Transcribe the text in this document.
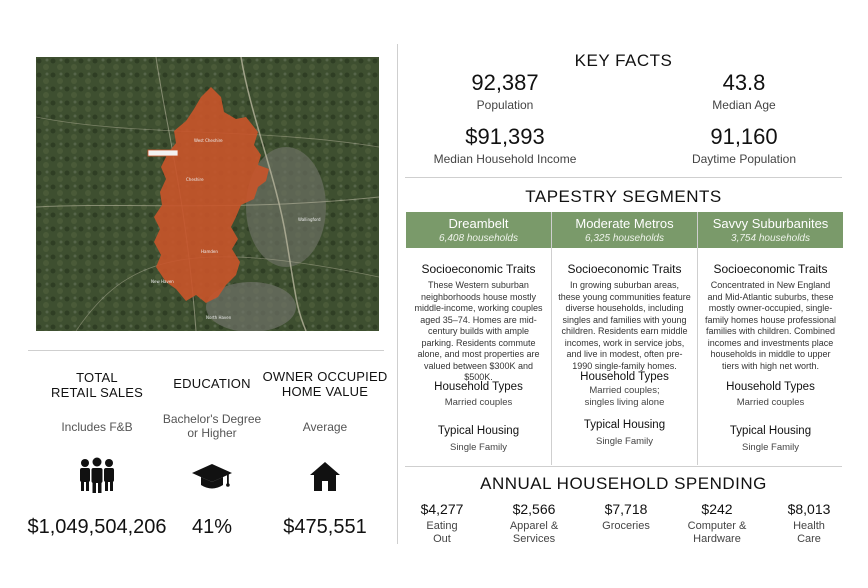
West Cheshire
Cheshire
Wallingford
Hamden
New Haven
North Haven
TOTAL
RETAIL SALES
Includes F&B
$1,049,504,206
EDUCATION
Bachelor's Degree
or Higher
41%
OWNER OCCUPIED
HOME VALUE
Average
$475,551
KEY FACTS
92,387
Population
43.8
Median Age
$91,393
Median Household Income
91,160
Daytime Population
TAPESTRY SEGMENTS
Dreambelt
6,408 households
Socioeconomic Traits
These Western suburban neighborhoods house mostly middle-income, working couples aged 35–74. Homes are mid-century builds with ample parking. Residents commute alone, and most properties are valued between $300K and $500K.
Household Types
Married couples
Typical Housing
Single Family
Moderate Metros
6,325 households
Socioeconomic Traits
In growing suburban areas, these young communities feature diverse households, including singles and families with young children. Residents earn middle incomes, work in service jobs, and live in modest, often pre-1990 single-family homes.
Household Types
Married couples;
singles living alone
Typical Housing
Single Family
Savvy Suburbanites
3,754 households
Socioeconomic Traits
Concentrated in New England and Mid-Atlantic suburbs, these mostly owner-occupied, single-family homes house professional families with children. Combined incomes and investments place households in middle to upper tiers with high net worth.
Household Types
Married couples
Typical Housing
Single Family
ANNUAL HOUSEHOLD SPENDING
$4,277
Eating
Out
$2,566
Apparel &
Services
$7,718
Groceries
$242
Computer &
Hardware
$8,013
Health
Care
